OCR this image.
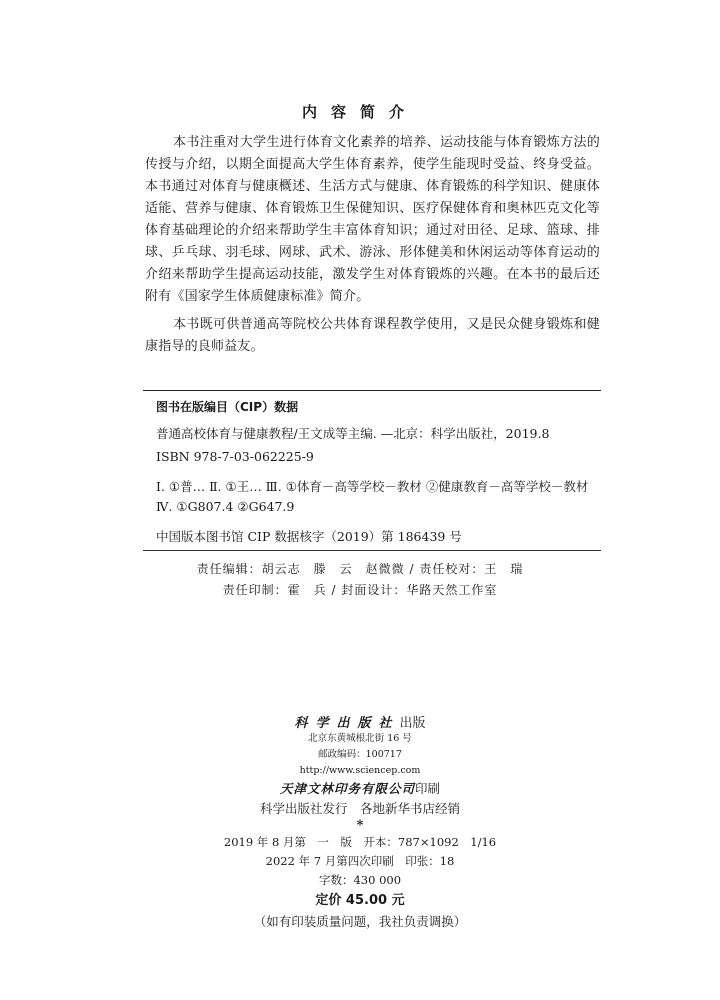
内容简介

本书注重对大学生进行体育文化素养的培养、运动技能与体育锻炼方法的传授与介绍，以期全面提高大学生体育素养，使学生能现时受益、终身受益。本书通过对体育与健康概述、生活方式与健康、体育锻炼的科学知识、健康体适能、营养与健康、体育锻炼卫生保健知识、医疗保健体育和奥林匹克文化等体育基础理论的介绍来帮助学生丰富体育知识；通过对田径、足球、篮球、排球、乒乓球、羽毛球、网球、武术、游泳、形体健美和休闲运动等体育运动的介绍来帮助学生提高运动技能，激发学生对体育锻炼的兴趣。在本书的最后还附有《国家学生体质健康标准》简介。

本书既可供普通高等院校公共体育课程教学使用，又是民众健身锻炼和健康指导的良师益友。

图书在版编目（CIP）数据
普通高校体育与健康教程/王文成等主编. —北京：科学出版社，2019.8
ISBN 978-7-03-062225-9
Ⅰ. ①普… Ⅱ. ①王… Ⅲ. ①体育－高等学校－教材 ②健康教育－高等学校－教材 Ⅳ. ①G807.4 ②G647.9
中国版本图书馆 CIP 数据核字（2019）第 186439 号
责任编辑：胡云志　滕　云　赵微微 / 责任校对：王　瑞
责任印制：霍　兵 / 封面设计：华路天然工作室
科学出版社出版
北京东黄城根北街 16 号
邮政编码：100717
http://www.sciencep.com
天津文林印务有限公司印刷
科学出版社发行　各地新华书店经销
*
2019 年 8 月第　一　版　开本：787×1092　1/16
2022 年 7 月第四次印刷　印张：18
字数：430 000
定价 45.00 元
（如有印装质量问题，我社负责调换）
